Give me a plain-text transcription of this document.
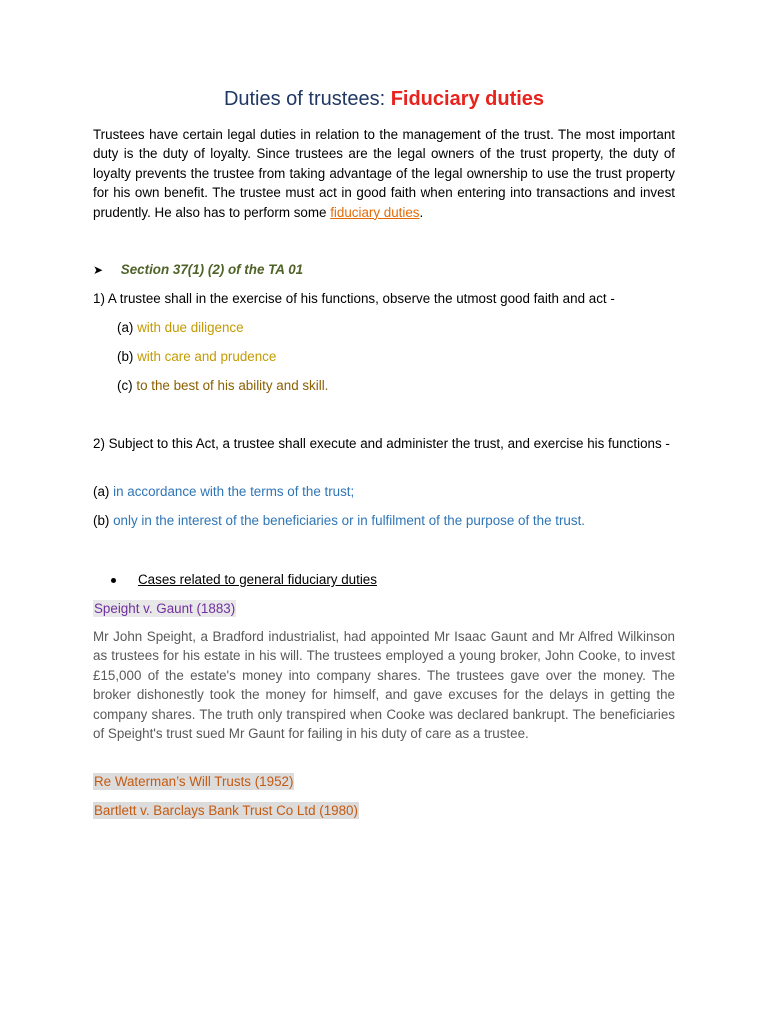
Duties of trustees: Fiduciary duties
Trustees have certain legal duties in relation to the management of the trust. The most important duty is the duty of loyalty. Since trustees are the legal owners of the trust property, the duty of loyalty prevents the trustee from taking advantage of the legal ownership to use the trust property for his own benefit. The trustee must act in good faith when entering into transactions and invest prudently. He also has to perform some fiduciary duties.
➤ Section 37(1) (2) of the TA 01
1) A trustee shall in the exercise of his functions, observe the utmost good faith and act -
(a) with due diligence
(b) with care and prudence
(c) to the best of his ability and skill.
2) Subject to this Act, a trustee shall execute and administer the trust, and exercise his functions -
(a) in accordance with the terms of the trust;
(b) only in the interest of the beneficiaries or in fulfilment of the purpose of the trust.
Cases related to general fiduciary duties
Speight v. Gaunt (1883)
Mr John Speight, a Bradford industrialist, had appointed Mr Isaac Gaunt and Mr Alfred Wilkinson as trustees for his estate in his will. The trustees employed a young broker, John Cooke, to invest £15,000 of the estate's money into company shares. The trustees gave over the money. The broker dishonestly took the money for himself, and gave excuses for the delays in getting the company shares. The truth only transpired when Cooke was declared bankrupt. The beneficiaries of Speight's trust sued Mr Gaunt for failing in his duty of care as a trustee.
Re Waterman’s Will Trusts (1952)
Bartlett v. Barclays Bank Trust Co Ltd (1980)
